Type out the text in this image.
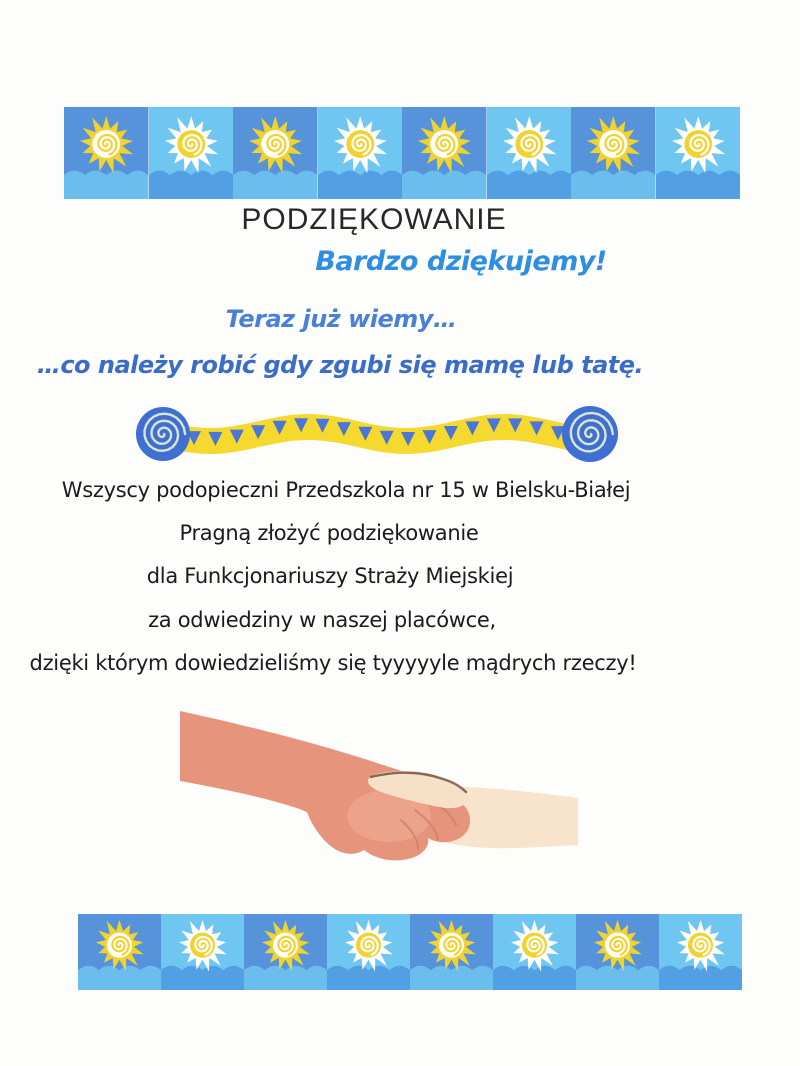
PODZIĘKOWANIE
Bardzo dziękujemy!
Teraz już wiemy…
…co należy robić gdy zgubi się mamę lub tatę.
Wszyscy podopieczni Przedszkola nr 15 w Bielsku-Białej
Pragną złożyć podziękowanie
dla Funkcjonariuszy Straży Miejskiej
za odwiedziny w naszej placówce,
dzięki którym dowiedzieliśmy się tyyyyyle mądrych rzeczy!
